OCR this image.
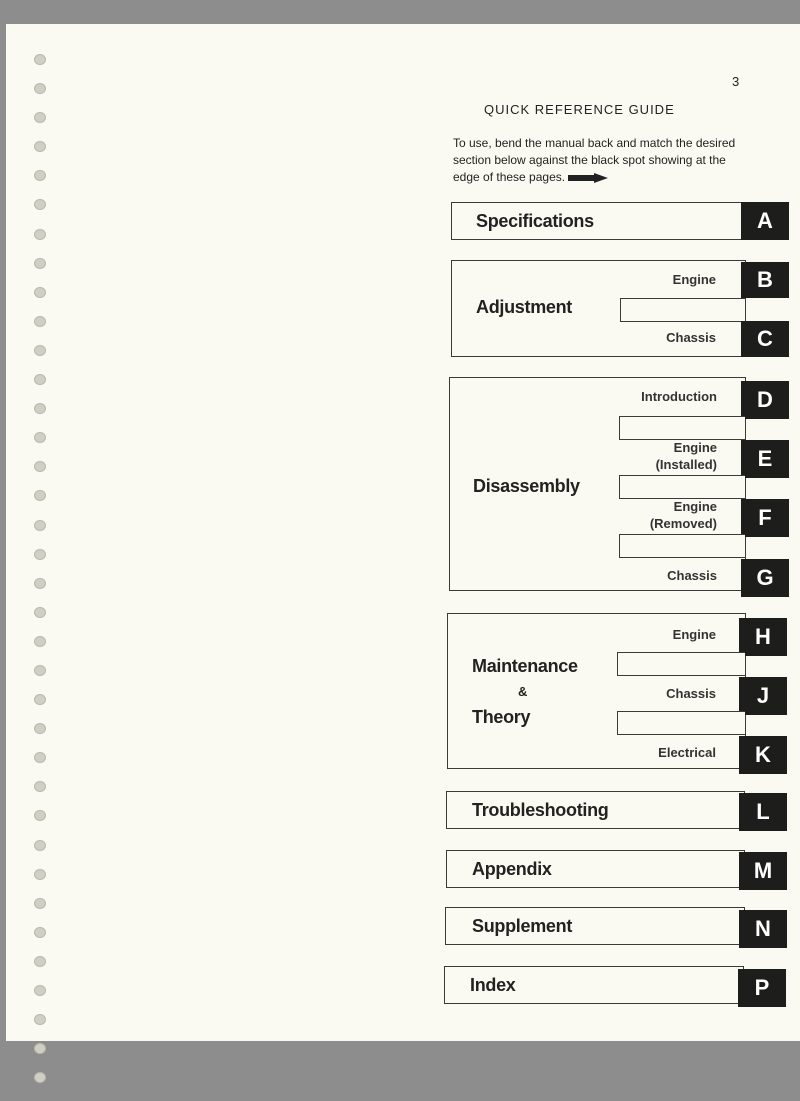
3
QUICK REFERENCE GUIDE
To use, bend the manual back and match the desired section below against the black spot showing at the edge of these pages.
Specifications	A
Adjustment
Engine	B
Chassis	C
Disassembly
Introduction	D
Engine
(Installed)	E
Engine
(Removed)	F
Chassis	G
Maintenance
&
Theory
Engine	H
Chassis	J
Electrical	K
Troubleshooting	L
Appendix	M
Supplement	N
Index	P
